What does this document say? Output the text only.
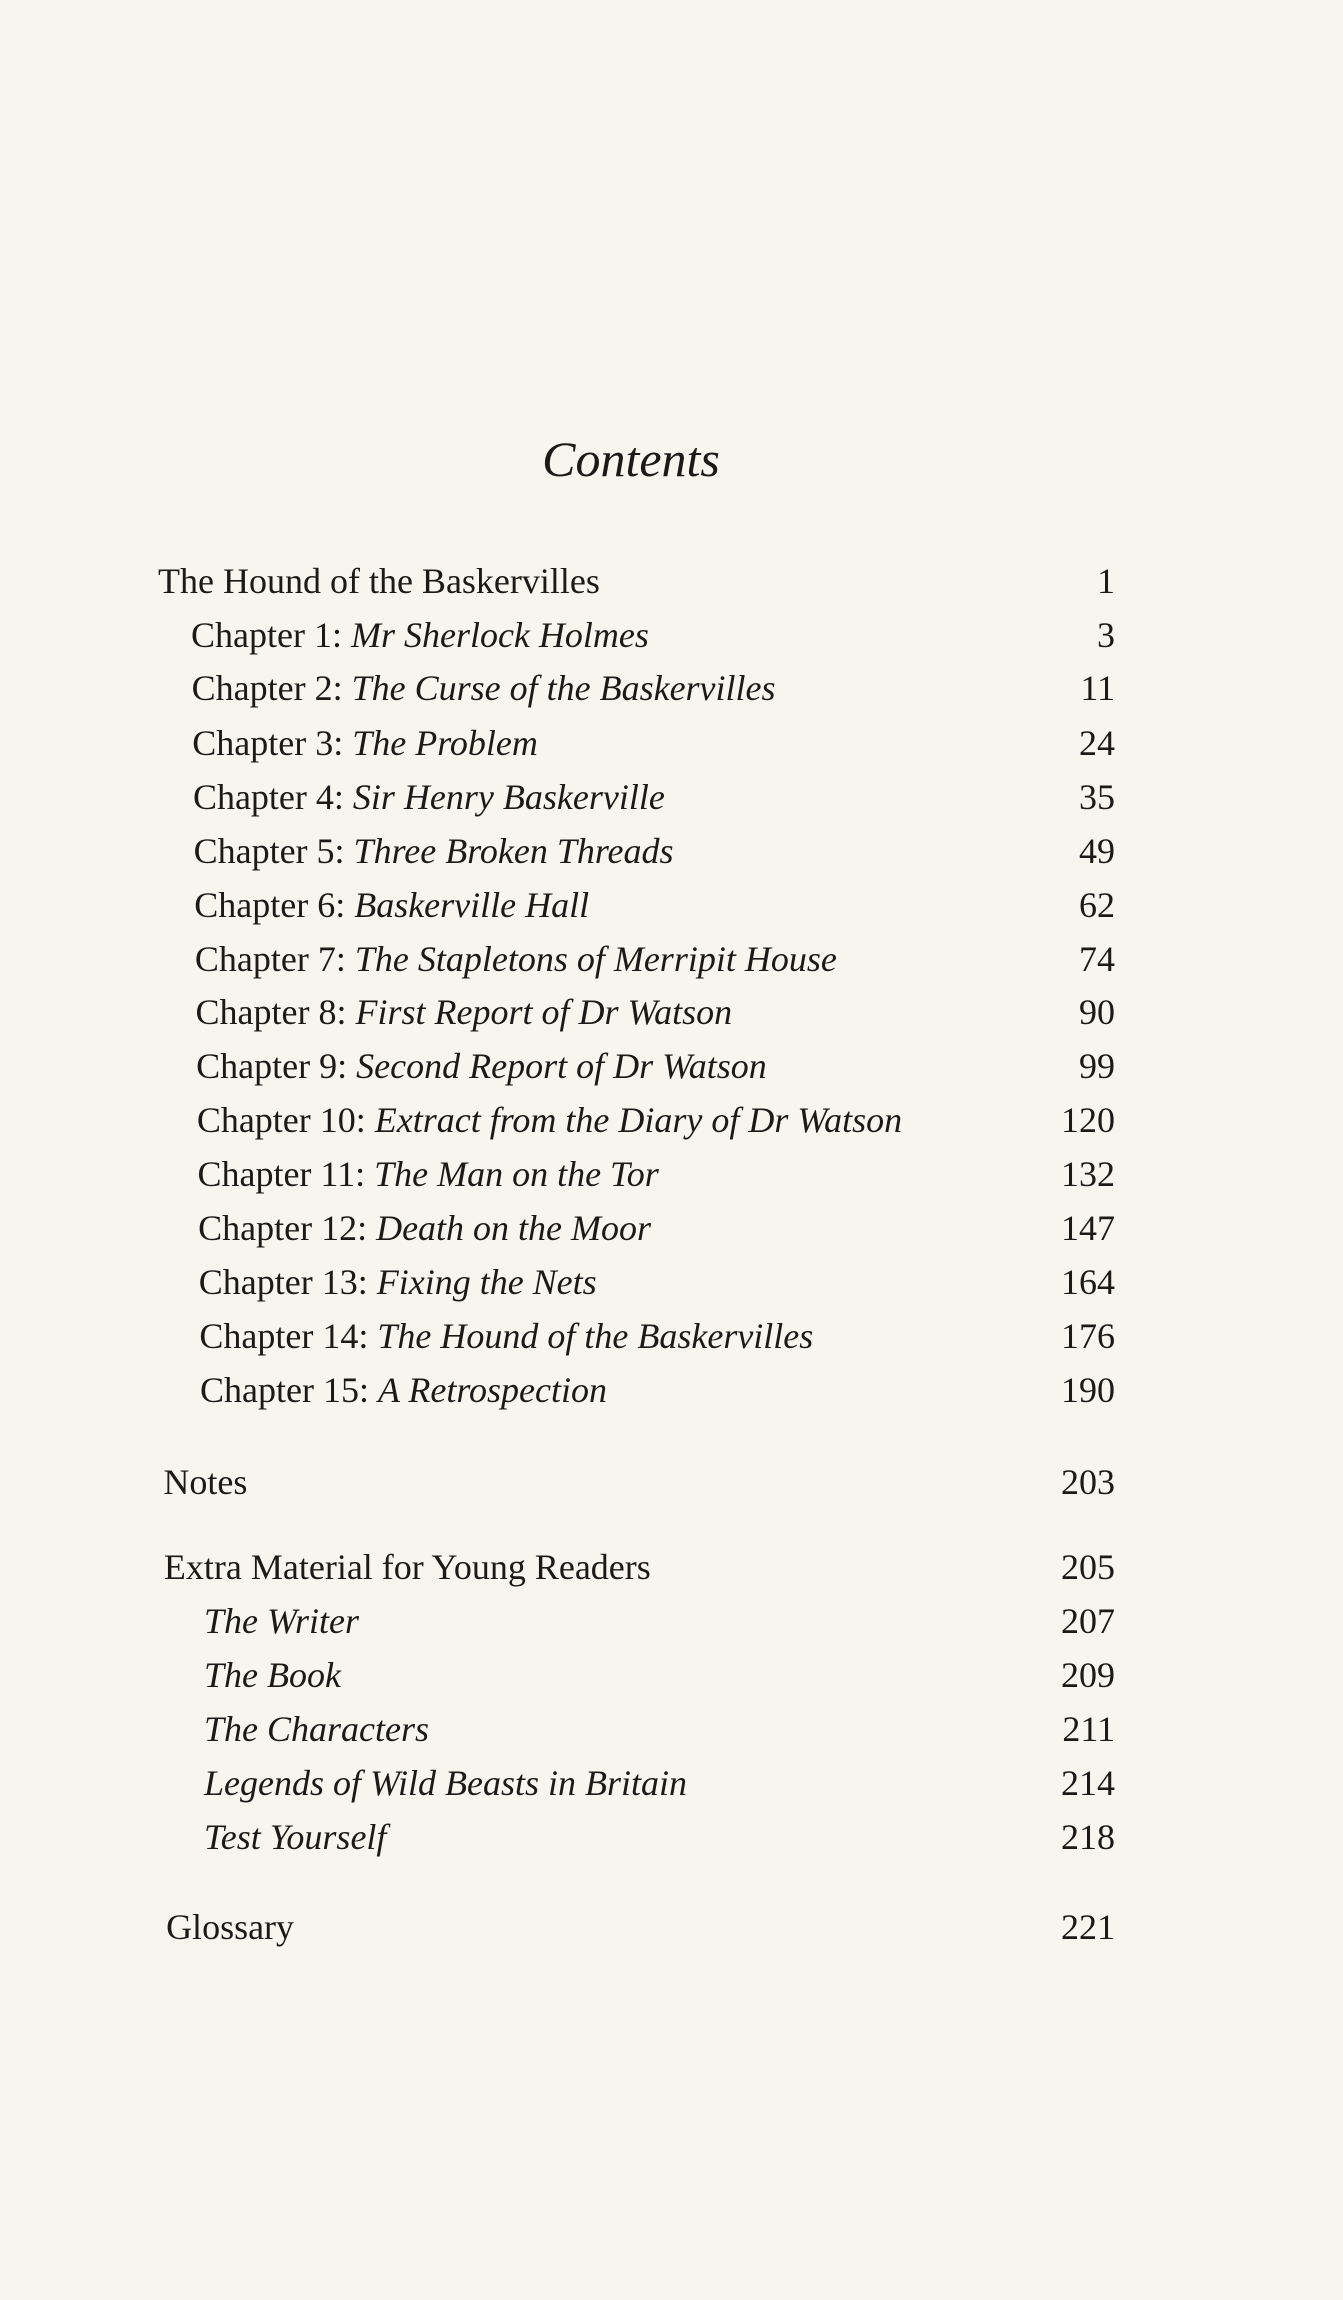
Contents
The Hound of the Baskervilles	1
Chapter 1: Mr Sherlock Holmes	3
Chapter 2: The Curse of the Baskervilles	11
Chapter 3: The Problem	24
Chapter 4: Sir Henry Baskerville	35
Chapter 5: Three Broken Threads	49
Chapter 6: Baskerville Hall	62
Chapter 7: The Stapletons of Merripit House	74
Chapter 8: First Report of Dr Watson	90
Chapter 9: Second Report of Dr Watson	99
Chapter 10: Extract from the Diary of Dr Watson	120
Chapter 11: The Man on the Tor	132
Chapter 12: Death on the Moor	147
Chapter 13: Fixing the Nets	164
Chapter 14: The Hound of the Baskervilles	176
Chapter 15: A Retrospection	190
Notes	203
Extra Material for Young Readers	205
The Writer	207
The Book	209
The Characters	211
Legends of Wild Beasts in Britain	214
Test Yourself	218
Glossary	221
